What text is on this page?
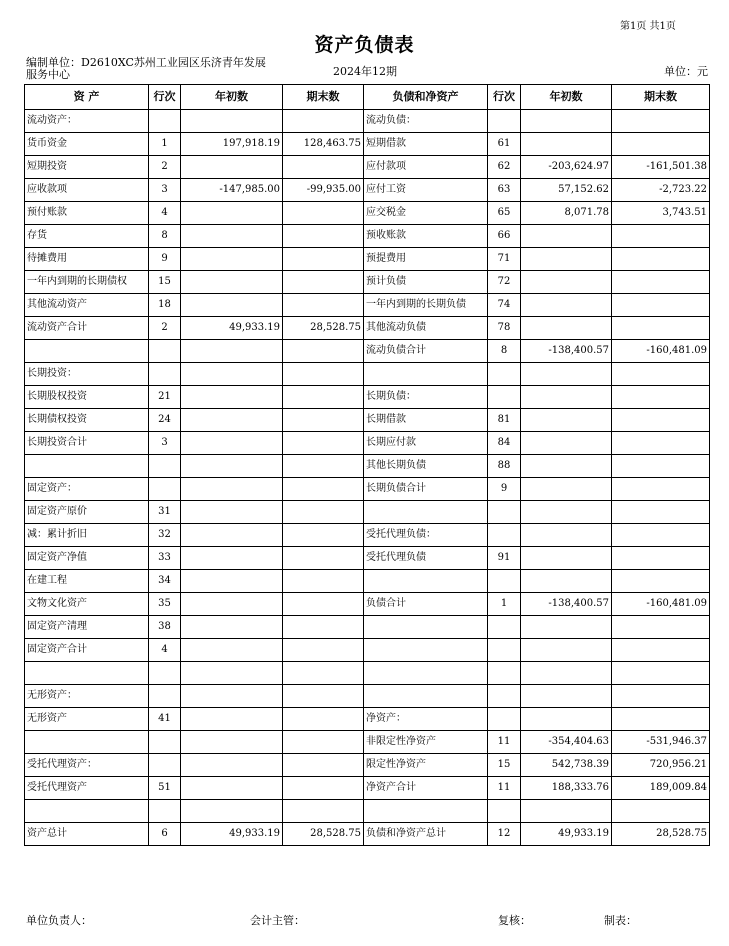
第1页 共1页
资产负债表
编制单位：D2610XC苏州工业园区乐济青年发展服务中心	2024年12期	单位：元
资 产	行次	年初数	期末数	负债和净资产	行次	年初数	期末数
流动资产：				流动负债：			
货币资金	1	197,918.19	128,463.75	短期借款	61		
短期投资	2			应付款项	62	-203,624.97	-161,501.38
应收款项	3	-147,985.00	-99,935.00	应付工资	63	57,152.62	-2,723.22
预付账款	4			应交税金	65	8,071.78	3,743.51
存货	8			预收账款	66		
待摊费用	9			预提费用	71		
一年内到期的长期债权	15			预计负债	72		
其他流动资产	18			一年内到期的长期负债	74		
流动资产合计	2	49,933.19	28,528.75	其他流动负债	78		
				流动负债合计	8	-138,400.57	-160,481.09
长期投资：							
长期股权投资	21			长期负债：			
长期债权投资	24			长期借款	81		
长期投资合计	3			长期应付款	84		
				其他长期负债	88		
固定资产：				长期负债合计	9		
固定资产原价	31						
减：累计折旧	32			受托代理负债：			
固定资产净值	33			受托代理负债	91		
在建工程	34						
文物文化资产	35			负债合计	1	-138,400.57	-160,481.09
固定资产清理	38						
固定资产合计	4						

无形资产：							
无形资产	41			净资产：			
				非限定性净资产	11	-354,404.63	-531,946.37
受托代理资产：				限定性净资产	15	542,738.39	720,956.21
受托代理资产	51			净资产合计	11	188,333.76	189,009.84

资产总计	6	49,933.19	28,528.75	负债和净资产总计	12	49,933.19	28,528.75
单位负责人：	会计主管：	复核：	制表：
